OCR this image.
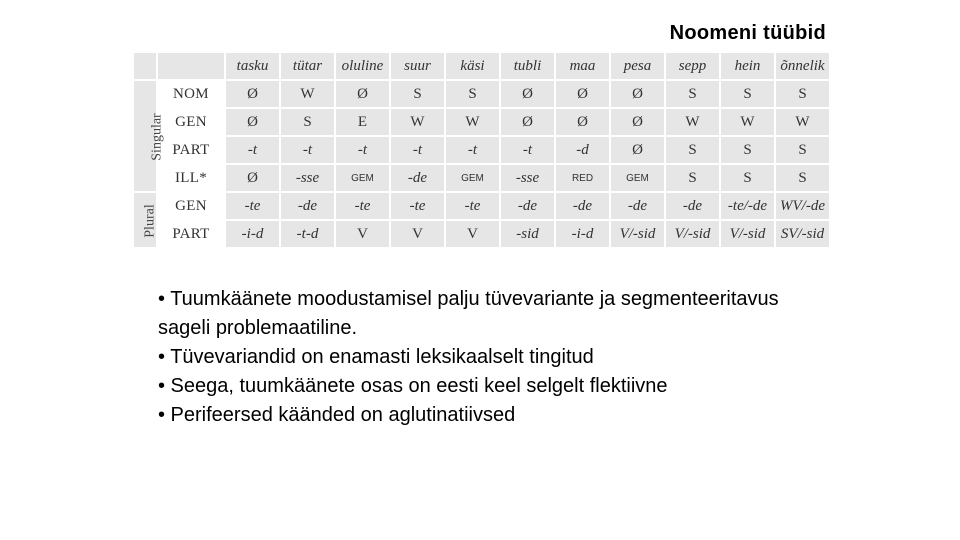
Noomeni tüübid
		tasku	tütar	oluline	suur	käsi	tubli	maa	pesa	sepp	hein	õnnelik
Singular	NOM	Ø	W	Ø	S	S	Ø	Ø	Ø	S	S	S
	GEN	Ø	S	E	W	W	Ø	Ø	Ø	W	W	W
	PART	-t	-t	-t	-t	-t	-t	-d	Ø	S	S	S
	ILL*	Ø	-sse	GEM	-de	GEM	-sse	RED	GEM	S	S	S
Plural	GEN	-te	-de	-te	-te	-te	-de	-de	-de	-de	-te/-de	WV/-de
	PART	-i-d	-t-d	V	V	V	-sid	-i-d	V/-sid	V/-sid	V/-sid	SV/-sid

• Tuumkäänete moodustamisel palju tüvevariante ja segmenteeritavus sageli problemaatiline.

• Tüvevariandid on enamasti leksikaalselt tingitud

• Seega, tuumkäänete osas on eesti keel selgelt flektiivne

• Perifeersed käänded on aglutinatiivsed
